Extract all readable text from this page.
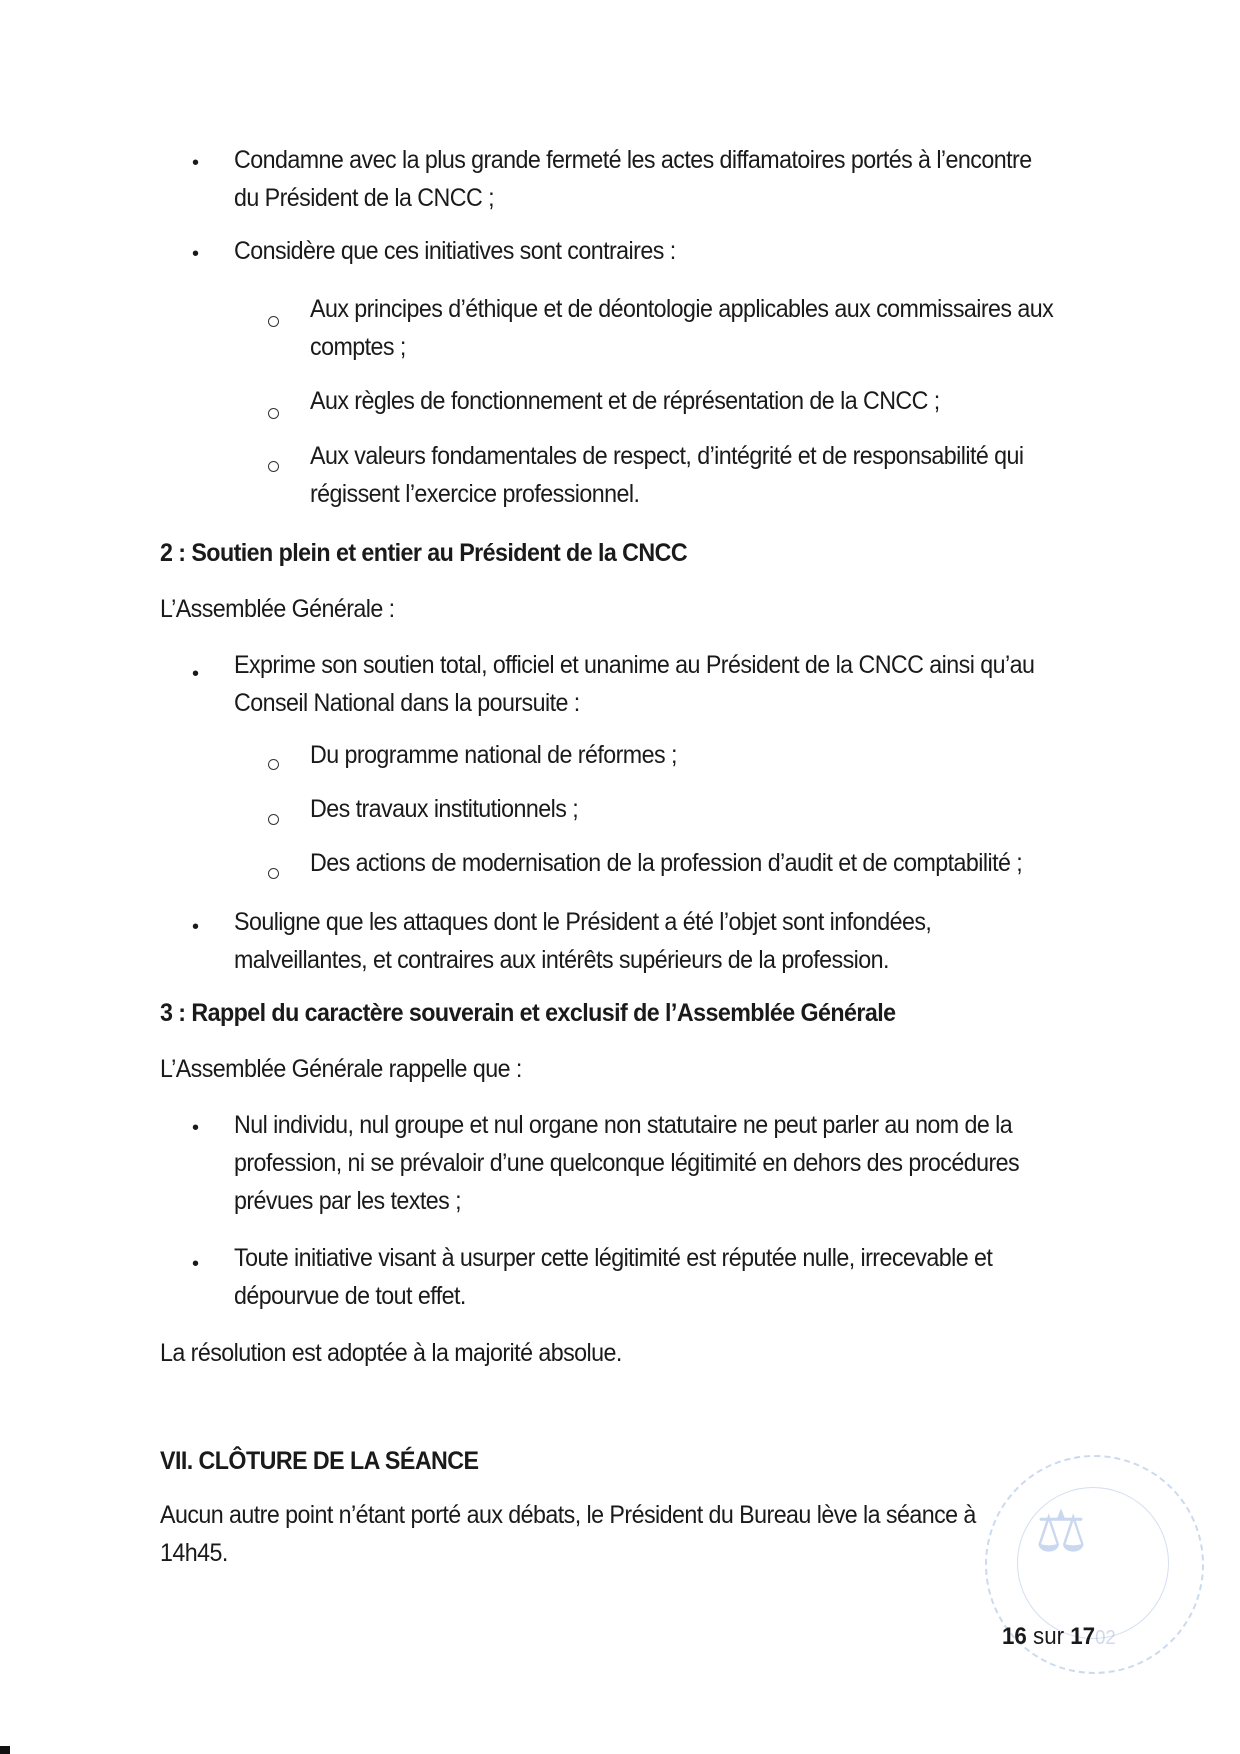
• Condamne avec la plus grande fermeté les actes diffamatoires portés à l’encontre
du Président de la CNCC ;
• Considère que ces initiatives sont contraires :
Aux principes d’éthique et de déontologie applicables aux commissaires aux
comptes ;
Aux règles de fonctionnement et de réprésentation de la CNCC ;
Aux valeurs fondamentales de respect, d’intégrité et de responsabilité qui
régissent l’exercice professionnel.
2 : Soutien plein et entier au Président de la CNCC
L’Assemblée Générale :
• Exprime son soutien total, officiel et unanime au Président de la CNCC ainsi qu’au
Conseil National dans la poursuite :
Du programme national de réformes ;
Des travaux institutionnels ;
Des actions de modernisation de la profession d’audit et de comptabilité ;
• Souligne que les attaques dont le Président a été l’objet sont infondées,
malveillantes, et contraires aux intérêts supérieurs de la profession.
3 : Rappel du caractère souverain et exclusif de l’Assemblée Générale
L’Assemblée Générale rappelle que :
• Nul individu, nul groupe et nul organe non statutaire ne peut parler au nom de la
profession, ni se prévaloir d’une quelconque légitimité en dehors des procédures
prévues par les textes ;
• Toute initiative visant à usurper cette légitimité est réputée nulle, irrecevable et
dépourvue de tout effet.
La résolution est adoptée à la majorité absolue.
VII. CLÔTURE DE LA SÉANCE
Aucun autre point n’étant porté aux débats, le Président du Bureau lève la séance à
14h45.	⚖
16 sur 1702
